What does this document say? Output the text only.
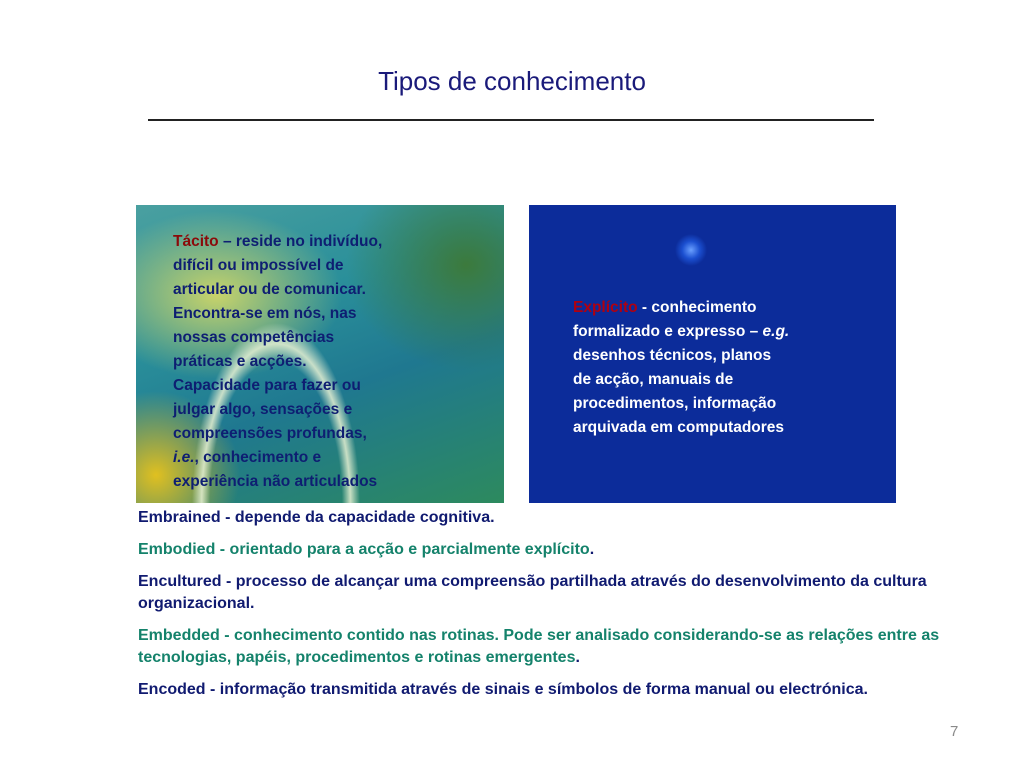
Tipos de conhecimento

Tácito – reside no indivíduo,
difícil ou impossível de
articular ou de comunicar.
Encontra-se em nós, nas
nossas competências
práticas e acções.
Capacidade para fazer ou
julgar algo, sensações e
compreensões profundas,
i.e., conhecimento e
experiência não articulados

Explícito - conhecimento
formalizado e expresso – e.g.
desenhos técnicos, planos
de acção, manuais de
procedimentos, informação
arquivada em computadores

Embrained - depende da capacidade cognitiva.
Embodied - orientado para a acção e parcialmente explícito.
Encultured - processo de alcançar uma compreensão partilhada através do desenvolvimento da cultura organizacional.
Embedded - conhecimento contido nas rotinas. Pode ser analisado considerando-se as relações entre as tecnologias, papéis, procedimentos e rotinas emergentes.
Encoded - informação transmitida através de sinais e símbolos de forma manual ou electrónica.
7
